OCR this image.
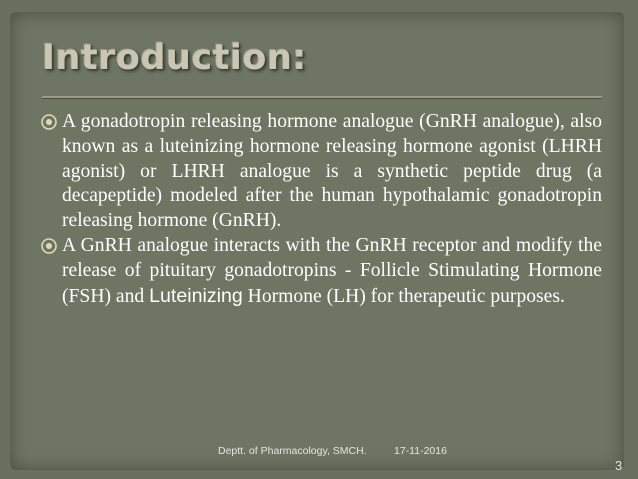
Introduction:
A gonadotropin releasing hormone analogue (GnRH analogue), also known as a luteinizing hormone releasing hormone agonist (LHRH agonist) or LHRH analogue is a synthetic peptide drug (a decapeptide) modeled after the human hypothalamic gonadotropin releasing hormone (GnRH).
A GnRH analogue interacts with the GnRH receptor and modify the release of pituitary gonadotropins - Follicle Stimulating Hormone (FSH) and Luteinizing Hormone (LH) for therapeutic purposes.
Deptt. of Pharmacology, SMCH.	17-11-2016
3
